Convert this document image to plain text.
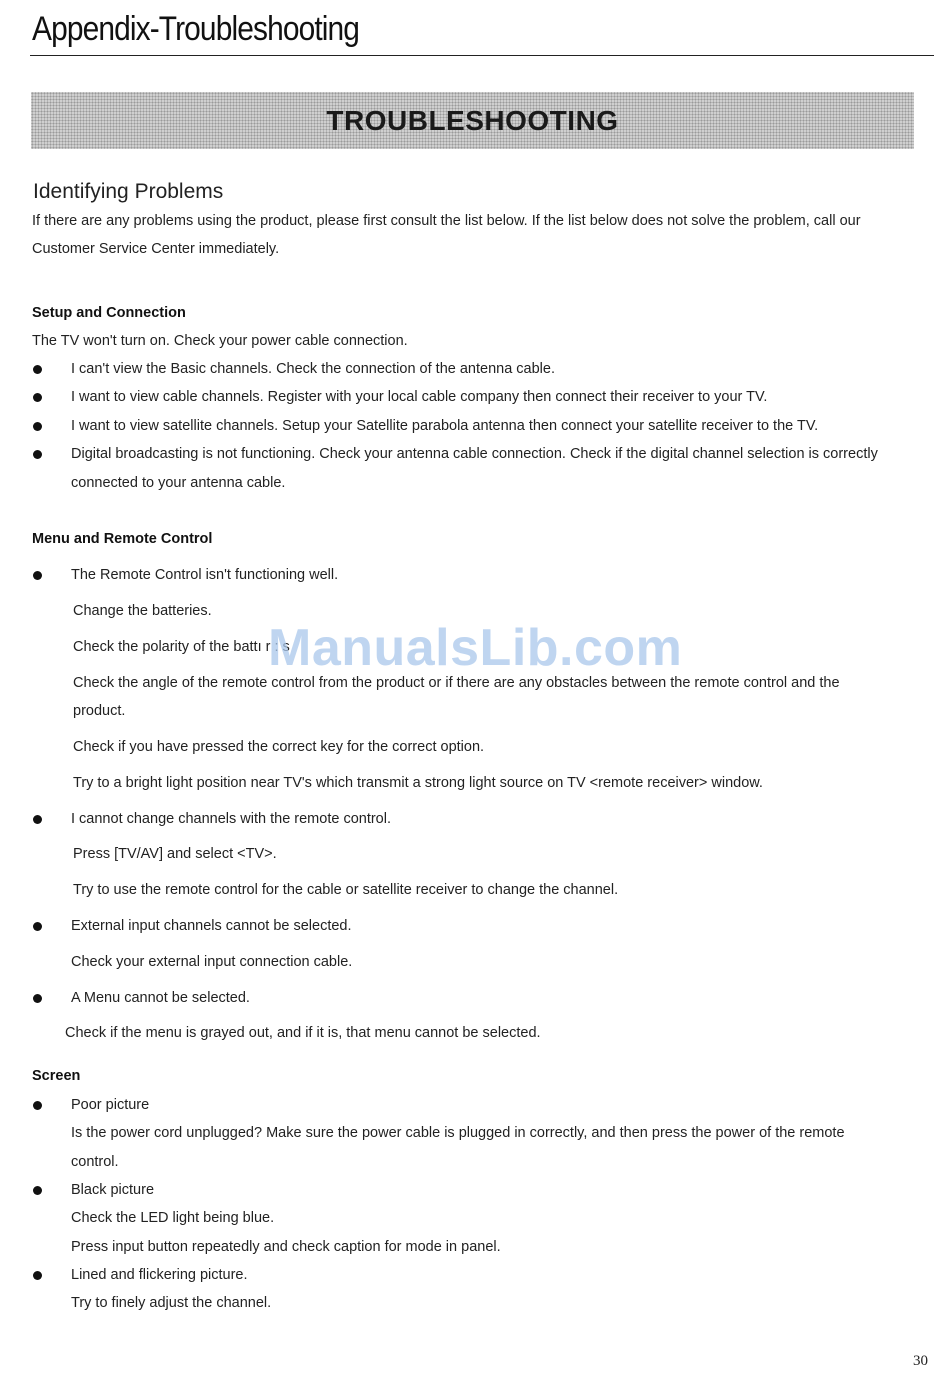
Appendix-Troubleshooting
TROUBLESHOOTING
Identifying Problems
If there are any problems using the product, please first consult the list below. If the list below does not solve the problem, call our
Customer Service Center immediately.
Setup and Connection
The TV won't turn on. Check your power cable connection.
I can't view the Basic channels. Check the connection of the antenna cable.
I want to view cable channels. Register with your local cable company then connect their receiver to your TV.
I want to view satellite channels. Setup your Satellite parabola antenna then connect your satellite receiver to the TV.
Digital broadcasting is not functioning. Check your antenna cable connection. Check if the digital channel selection is correctly
connected to your antenna cable.
Menu and Remote Control
The Remote Control isn't functioning well.
Change the batteries.
Check the polarity of the battı r : s
Check the angle of the remote control from the product or if there are any obstacles between the remote control and the
product.
Check if you have pressed the correct key for the correct option.
Try to a bright light position near TV's which transmit a strong light source on TV <remote receiver> window.
I cannot change channels with the remote control.
Press [TV/AV] and select <TV>.
Try to use the remote control for the cable or satellite receiver to change the channel.
External input channels cannot be selected.
Check your external input connection cable.
A Menu cannot be selected.
Check if the menu is grayed out, and if it is, that menu cannot be selected.
Screen
Poor picture
Is the power cord unplugged? Make sure the power cable is plugged in correctly, and then press the power of the remote
control.
Black picture
Check the LED light being blue.
Press input button repeatedly and check caption for mode in panel.
Lined and flickering picture.
Try to finely adjust the channel.
ManualsLib.com
30
